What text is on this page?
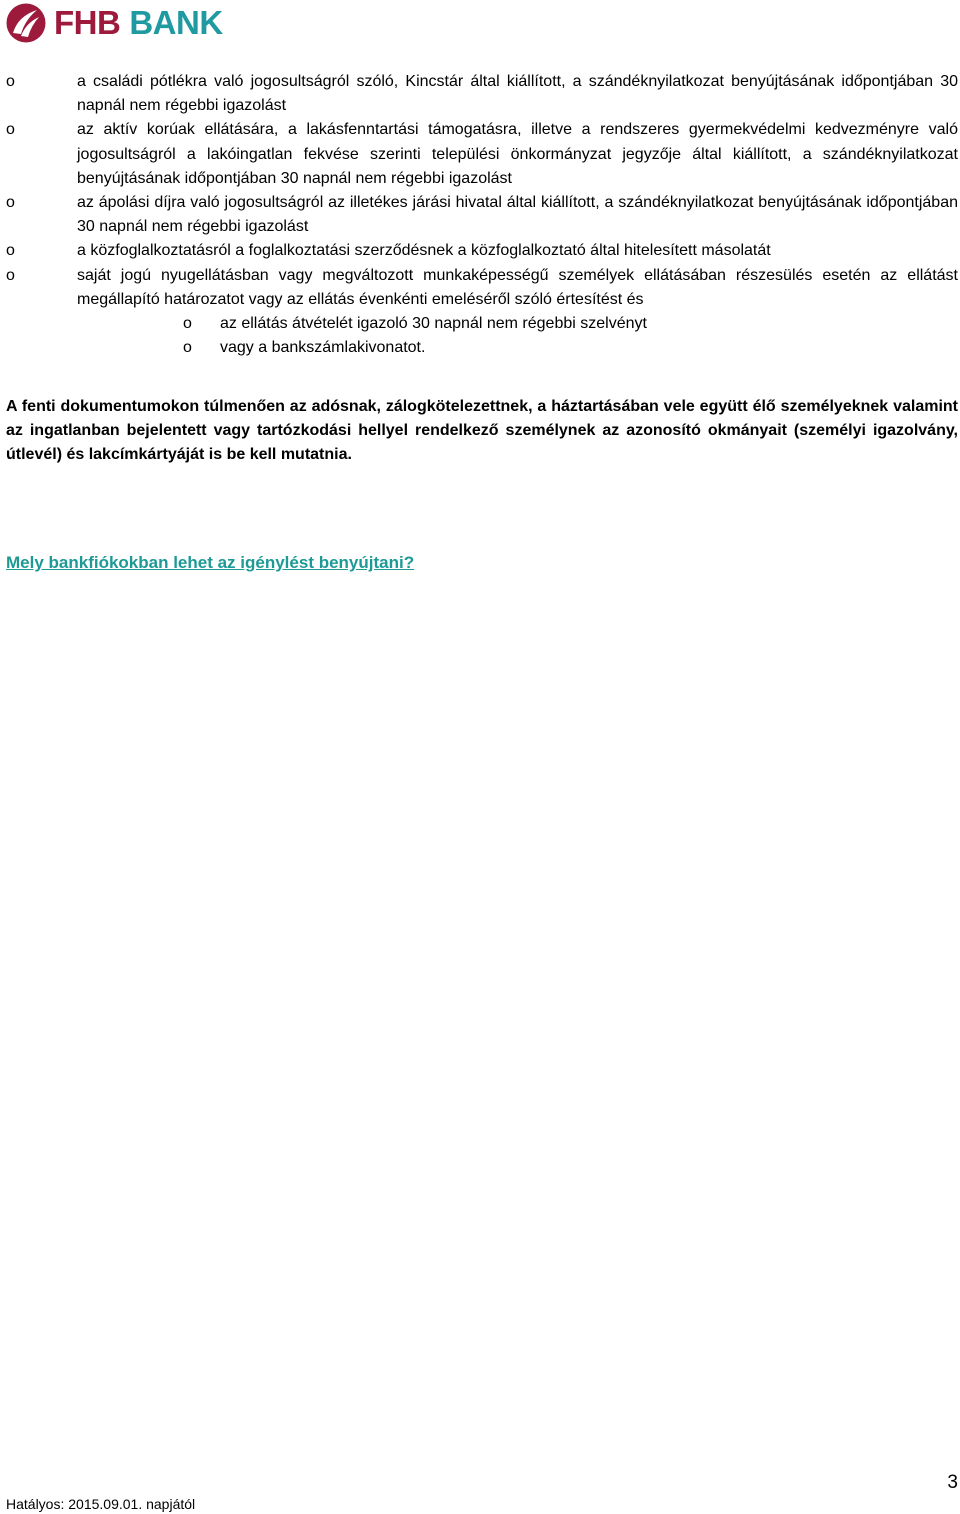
FHB BANK

o	a családi pótlékra való jogosultságról szóló, Kincstár által kiállított, a szándéknyilatkozat benyújtásának időpontjában 30 napnál nem régebbi igazolást

o	az aktív korúak ellátására, a lakásfenntartási támogatásra, illetve a rendszeres gyermekvédelmi kedvezményre való jogosultságról a lakóingatlan fekvése szerinti települési önkormányzat jegyzője által kiállított, a szándéknyilatkozat benyújtásának időpontjában 30 napnál nem régebbi igazolást

o	az ápolási díjra való jogosultságról az illetékes járási hivatal által kiállított, a szándéknyilatkozat benyújtásának időpontjában 30 napnál nem régebbi igazolást

o	a közfoglalkoztatásról a foglalkoztatási szerződésnek a közfoglalkoztató által hitelesített másolatát

o	saját jogú nyugellátásban vagy megváltozott munkaképességű személyek ellátásában részesülés esetén az ellátást megállapító határozatot vagy az ellátás évenkénti emeléséről szóló értesítést és

o az ellátás átvételét igazoló 30 napnál nem régebbi szelvényt

o vagy a bankszámlakivonatot.

A fenti dokumentumokon túlmenően az adósnak, zálogkötelezettnek, a háztartásában vele együtt élő személyeknek valamint az ingatlanban bejelentett vagy tartózkodási hellyel rendelkező személynek az azonosító okmányait (személyi igazolvány, útlevél) és lakcímkártyáját is be kell mutatnia.

Mely bankfiókokban lehet az igénylést benyújtani?

3
Hatályos: 2015.09.01. napjától
